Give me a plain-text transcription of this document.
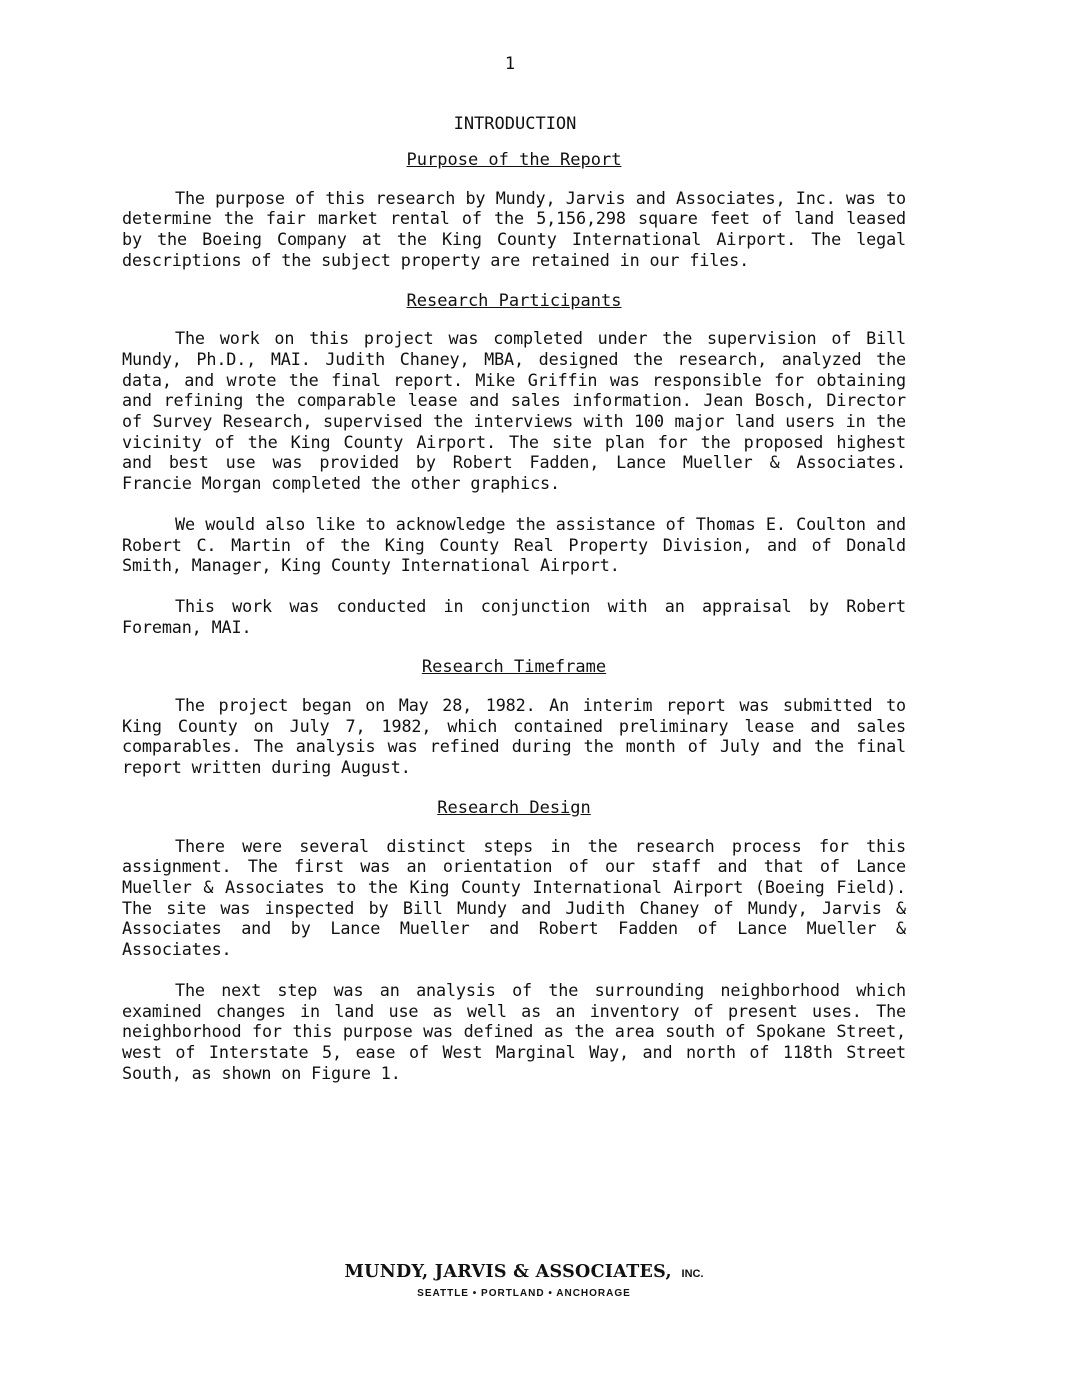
1
INTRODUCTION
Purpose of the Report

The purpose of this research by Mundy, Jarvis and Associates, Inc. was to determine the fair market rental of the 5,156,298 square feet of land leased by the Boeing Company at the King County International Airport. The legal descriptions of the subject property are retained in our files.

Research Participants

The work on this project was completed under the supervision of Bill Mundy, Ph.D., MAI. Judith Chaney, MBA, designed the research, analyzed the data, and wrote the final report. Mike Griffin was responsible for obtaining and refining the comparable lease and sales information. Jean Bosch, Director of Survey Research, supervised the interviews with 100 major land users in the vicinity of the King County Airport. The site plan for the proposed highest and best use was provided by Robert Fadden, Lance Mueller & Associates. Francie Morgan completed the other graphics.

We would also like to acknowledge the assistance of Thomas E. Coulton and Robert C. Martin of the King County Real Property Division, and of Donald Smith, Manager, King County International Airport.

This work was conducted in conjunction with an appraisal by Robert Foreman, MAI.

Research Timeframe

The project began on May 28, 1982. An interim report was submitted to King County on July 7, 1982, which contained preliminary lease and sales comparables. The analysis was refined during the month of July and the final report written during August.

Research Design

There were several distinct steps in the research process for this assignment. The first was an orientation of our staff and that of Lance Mueller & Associates to the King County International Airport (Boeing Field). The site was inspected by Bill Mundy and Judith Chaney of Mundy, Jarvis & Associates and by Lance Mueller and Robert Fadden of Lance Mueller & Associates.

The next step was an analysis of the surrounding neighborhood which examined changes in land use as well as an inventory of present uses. The neighborhood for this purpose was defined as the area south of Spokane Street, west of Interstate 5, ease of West Marginal Way, and north of 118th Street South, as shown on Figure 1.

MUNDY, JARVIS & ASSOCIATES, INC.
SEATTLE • PORTLAND • ANCHORAGE
